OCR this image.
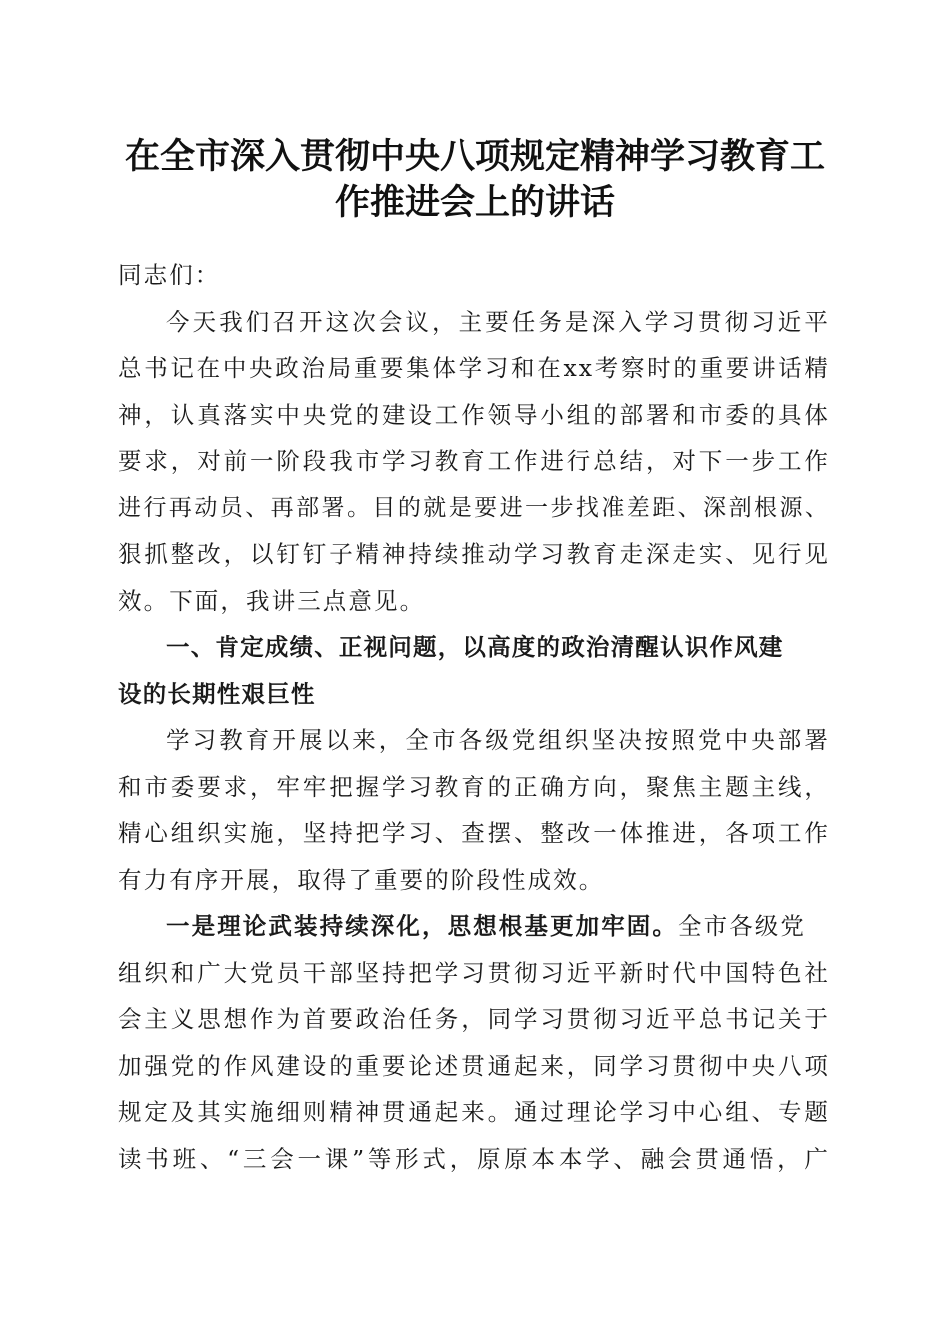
在全市深入贯彻中央八项规定精神学习教育工
作推进会上的讲话
同志们：
今天我们召开这次会议，主要任务是深入学习贯彻习近平
总书记在中央政治局重要集体学习和在xx考察时的重要讲话精
神，认真落实中央党的建设工作领导小组的部署和市委的具体
要求，对前一阶段我市学习教育工作进行总结，对下一步工作
进行再动员、再部署。目的就是要进一步找准差距、深剖根源、
狠抓整改，以钉钉子精神持续推动学习教育走深走实、见行见
效。下面，我讲三点意见。
一、肯定成绩、正视问题，以高度的政治清醒认识作风建
设的长期性艰巨性
学习教育开展以来，全市各级党组织坚决按照党中央部署
和市委要求，牢牢把握学习教育的正确方向，聚焦主题主线，
精心组织实施，坚持把学习、查摆、整改一体推进，各项工作
有力有序开展，取得了重要的阶段性成效。
一是理论武装持续深化，思想根基更加牢固。全市各级党
组织和广大党员干部坚持把学习贯彻习近平新时代中国特色社
会主义思想作为首要政治任务，同学习贯彻习近平总书记关于
加强党的作风建设的重要论述贯通起来，同学习贯彻中央八项
规定及其实施细则精神贯通起来。通过理论学习中心组、专题
读书班、“三会一课”等形式，原原本本学、融会贯通悟，广
